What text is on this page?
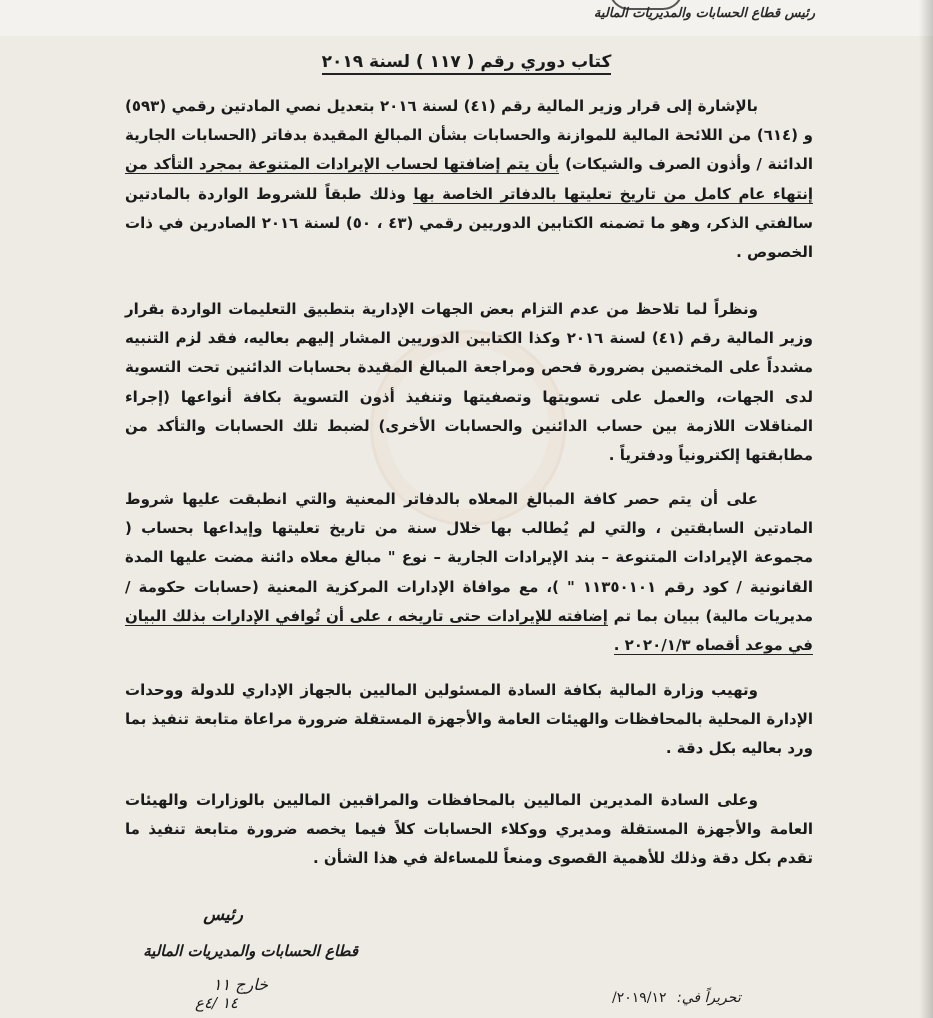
رئيس قطاع الحسابات والمديريات المالية
كتاب دوري رقم ( ١١٧ ) لسنة ٢٠١٩
بالإشارة إلى قرار وزير المالية رقم (٤١) لسنة ٢٠١٦ بتعديل نصي المادتين رقمي (٥٩٣) و (٦١٤) من اللائحة المالية للموازنة والحسابات بشأن المبالغ المقيدة بدفاتر (الحسابات الجارية الدائنة / وأذون الصرف والشيكات) بأن يتم إضافتها لحساب الإيرادات المتنوعة بمجرد التأكد من إنتهاء عام كامل من تاريخ تعليتها بالدفاتر الخاصة بها وذلك طبقاً للشروط الواردة بالمادتين سالفتي الذكر، وهو ما تضمنه الكتابين الدوريين رقمي (٤٣ ، ٥٠) لسنة ٢٠١٦ الصادرين في ذات الخصوص .
ونظراً لما تلاحظ من عدم التزام بعض الجهات الإدارية بتطبيق التعليمات الواردة بقرار وزير المالية رقم (٤١) لسنة ٢٠١٦ وكذا الكتابين الدوريين المشار إليهم بعاليه، فقد لزم التنبيه مشدداً على المختصين بضرورة فحص ومراجعة المبالغ المقيدة بحسابات الدائنين تحت التسوية لدى الجهات، والعمل على تسويتها وتصفيتها وتنفيذ أذون التسوية بكافة أنواعها (إجراء المناقلات اللازمة بين حساب الدائنين والحسابات الأخرى) لضبط تلك الحسابات والتأكد من مطابقتها إلكترونياً ودفترياً .
على أن يتم حصر كافة المبالغ المعلاه بالدفاتر المعنية والتي انطبقت عليها شروط المادتين السابقتين ، والتي لم يُطالب بها خلال سنة من تاريخ تعليتها وإيداعها بحساب ( مجموعة الإيرادات المتنوعة – بند الإيرادات الجارية – نوع " مبالغ معلاه دائنة مضت عليها المدة القانونية / كود رقم ١١٣٥٠١٠١ " )، مع موافاة الإدارات المركزية المعنية (حسابات حكومة / مديريات مالية) ببيان بما تم إضافته للإيرادات حتى تاريخه ، على أن تُوافي الإدارات بذلك البيان في موعد أقصاه ٢٠٢٠/١/٣ .
وتهيب وزارة المالية بكافة السادة المسئولين الماليين بالجهاز الإداري للدولة ووحدات الإدارة المحلية بالمحافظات والهيئات العامة والأجهزة المستقلة ضرورة مراعاة متابعة تنفيذ بما ورد بعاليه بكل دقة .
وعلى السادة المديرين الماليين بالمحافظات والمراقبين الماليين بالوزارات والهيئات العامة والأجهزة المستقلة ومديري ووكلاء الحسابات كلاً فيما يخصه ضرورة متابعة تنفيذ ما تقدم بكل دقة وذلك للأهمية القصوى ومنعاً للمساءلة في هذا الشأن .
رئيس
قطاع الحسابات والمديريات المالية
خارج ١١
١٤ /٤ع	تحريراً في: ٢٠١٩/١٢/
